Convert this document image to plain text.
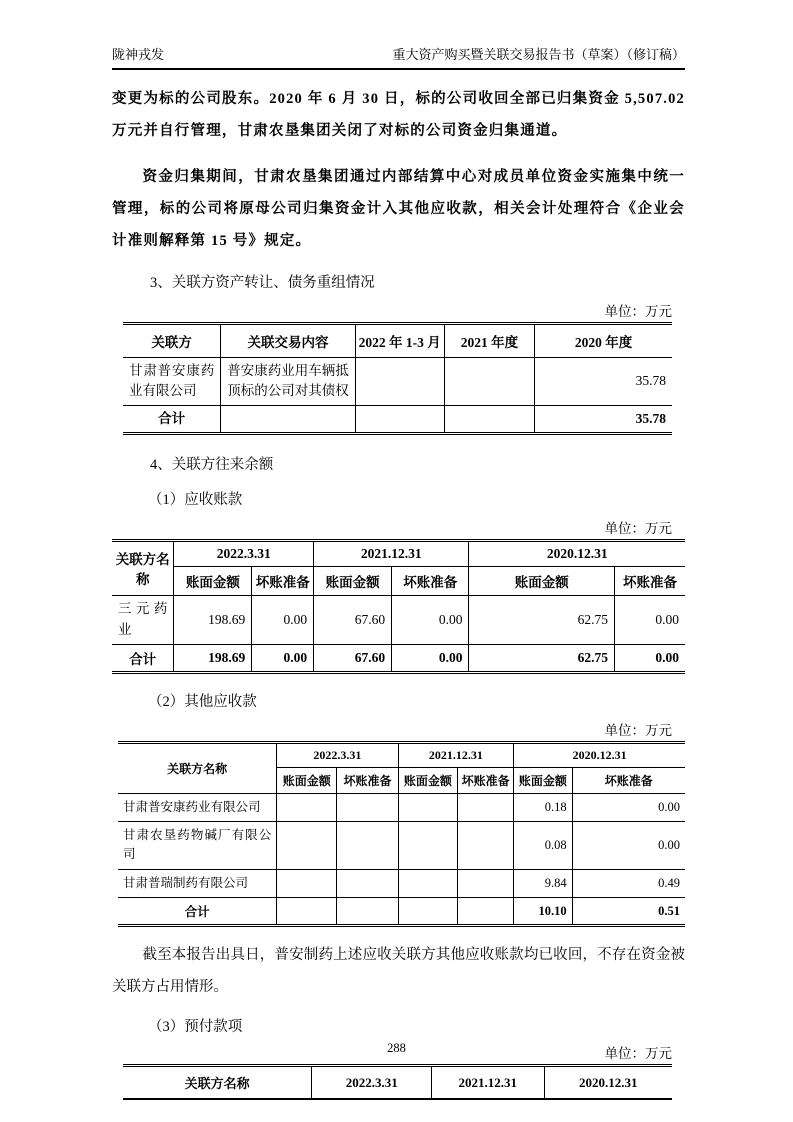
陇神戎发	重大资产购买暨关联交易报告书（草案）（修订稿）

变更为标的公司股东。2020 年 6 月 30 日，标的公司收回全部已归集资金 5,507.02 万元并自行管理，甘肃农垦集团关闭了对标的公司资金归集通道。

资金归集期间，甘肃农垦集团通过内部结算中心对成员单位资金实施集中统一管理，标的公司将原母公司归集资金计入其他应收款，相关会计处理符合《企业会计准则解释第 15 号》规定。

3、关联方资产转让、债务重组情况
单位：万元
关联方	关联交易内容	2022 年 1-3 月	2021 年度	2020 年度
甘肃普安康药业有限公司	普安康药业用车辆抵顶标的公司对其债权			35.78
合计				35.78
4、关联方往来余额
（1）应收账款
单位：万元
关联方名称	2022.3.31		2021.12.31		2020.12.31	
	账面金额	坏账准备	账面金额	坏账准备	账面金额	坏账准备
三元药业	198.69	0.00	67.60	0.00	62.75	0.00
合计	198.69	0.00	67.60	0.00	62.75	0.00
（2）其他应收款
单位：万元
关联方名称	2022.3.31		2021.12.31		2020.12.31	
	账面金额	坏账准备	账面金额	坏账准备	账面金额	坏账准备
甘肃普安康药业有限公司					0.18	0.00
甘肃农垦药物碱厂有限公司					0.08	0.00
甘肃普瑞制药有限公司					9.84	0.49
合计					10.10	0.51

截至本报告出具日，普安制药上述应收关联方其他应收账款均已收回，不存在资金被关联方占用情形。

（3）预付款项
单位：万元
关联方名称	2022.3.31	2021.12.31	2020.12.31
288
